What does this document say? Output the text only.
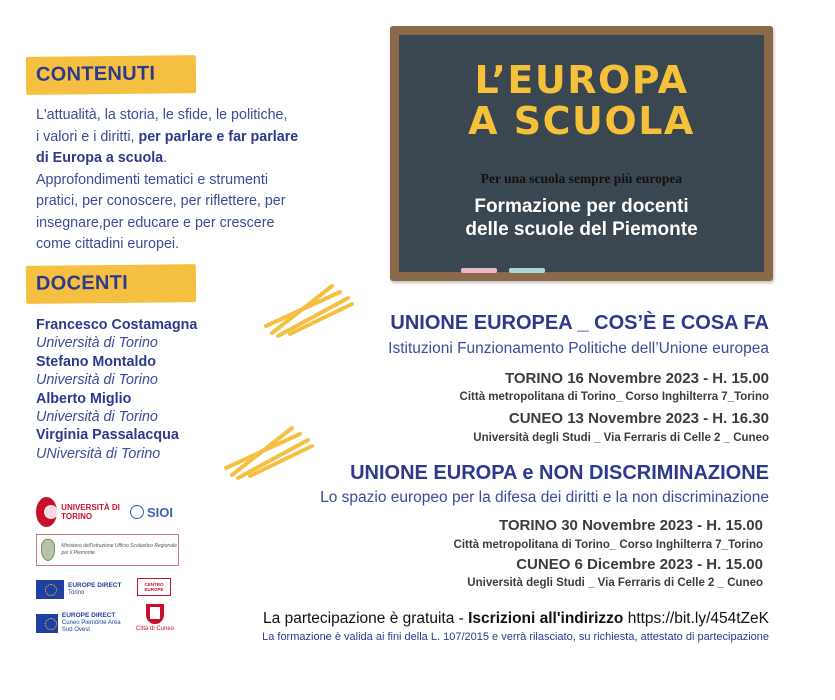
CONTENUTI
L'attualità, la storia, le sfide, le politiche,
i valori e i diritti, per parlare e far parlare
di Europa a scuola.
Approfondimenti tematici e strumenti
pratici, per conoscere, per riflettere, per
insegnare,per educare e per crescere
come cittadini europei.
DOCENTI
Francesco Costamagna
Università di Torino
Stefano Montaldo
Università di Torino
Alberto Miglio
Università di Torino
Virginia Passalacqua
UNiversità di Torino
UNIVERSITÀ DI TORINO	SIOI
Ministero dell'Istruzione Ufficio Scolastico Regionale per il Piemonte
EUROPE DIRECT
Torino
CENTRO EUROPE
EUROPE DIRECT
Cuneo Piemonte Area Sud Ovest	Città di Cuneo
L’EUROPA
A SCUOLA
Per una scuola sempre più europea
Formazione per docenti
delle scuole del Piemonte
UNIONE EUROPEA _ COS’È E COSA FA
Istituzioni Funzionamento Politiche dell’Unione europea
TORINO 16 Novembre 2023 - H. 15.00
Città metropolitana di Torino_ Corso Inghilterra 7_Torino
CUNEO 13 Novembre 2023 - H. 16.30
Università degli Studi _ Via Ferraris di Celle 2 _ Cuneo
UNIONE EUROPA e NON DISCRIMINAZIONE
Lo spazio europeo per la difesa dei diritti e la non discriminazione
TORINO 30 Novembre 2023 - H. 15.00
Città metropolitana di Torino_ Corso Inghilterra 7_Torino
CUNEO 6 Dicembre 2023 - H. 15.00
Università degli Studi _ Via Ferraris di Celle 2 _ Cuneo
La partecipazione è gratuita - Iscrizioni all'indirizzo https://bit.ly/454tZeK
La formazione è valida ai fini della L. 107/2015 e verrà rilasciato, su richiesta, attestato di partecipazione
